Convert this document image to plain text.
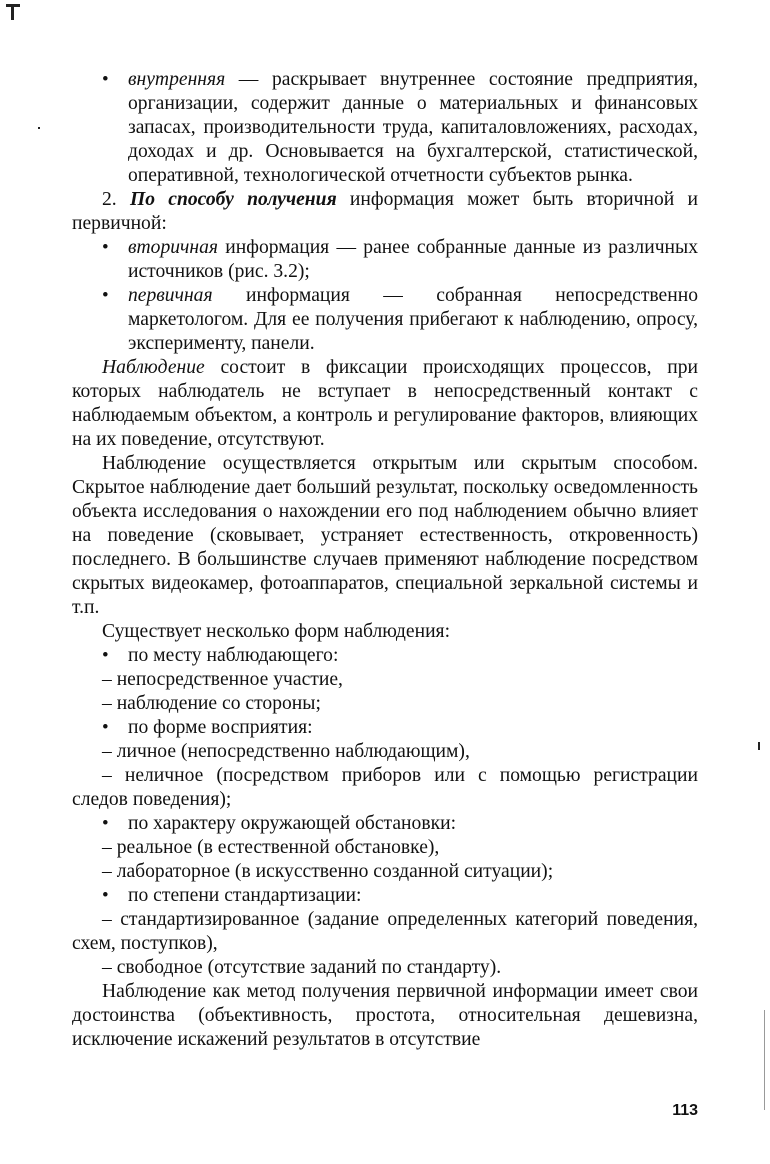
• внутренняя — раскрывает внутреннее состояние предприятия, организации, содержит данные о материальных и финансовых запасах, производительности труда, капиталовложениях, расходах, доходах и др. Основывается на бухгалтерской, статистической, оперативной, технологической отчетности субъектов рынка.

2. По способу получения информация может быть вторичной и первичной:

• вторичная информация — ранее собранные данные из различных источников (рис. 3.2);

• первичная информация — собранная непосредственно маркетологом. Для ее получения прибегают к наблюдению, опросу, эксперименту, панели.

Наблюдение состоит в фиксации происходящих процессов, при которых наблюдатель не вступает в непосредственный контакт с наблюдаемым объектом, а контроль и регулирование факторов, влияющих на их поведение, отсутствуют.

Наблюдение осуществляется открытым или скрытым способом. Скрытое наблюдение дает больший результат, поскольку осведомленность объекта исследования о нахождении его под наблюдением обычно влияет на поведение (сковывает, устраняет естественность, откровенность) последнего. В большинстве случаев применяют наблюдение посредством скрытых видеокамер, фотоаппаратов, специальной зеркальной системы и т.п.

Существует несколько форм наблюдения:

• по месту наблюдающего:

– непосредственное участие,

– наблюдение со стороны;

• по форме восприятия:

– личное (непосредственно наблюдающим),

– неличное (посредством приборов или с помощью регистрации следов поведения);

• по характеру окружающей обстановки:

– реальное (в естественной обстановке),

– лабораторное (в искусственно созданной ситуации);

• по степени стандартизации:

– стандартизированное (задание определенных категорий поведения, схем, поступков),

– свободное (отсутствие заданий по стандарту).

Наблюдение как метод получения первичной информации имеет свои достоинства (объективность, простота, относительная дешевизна, исключение искажений результатов в отсутствие

113
